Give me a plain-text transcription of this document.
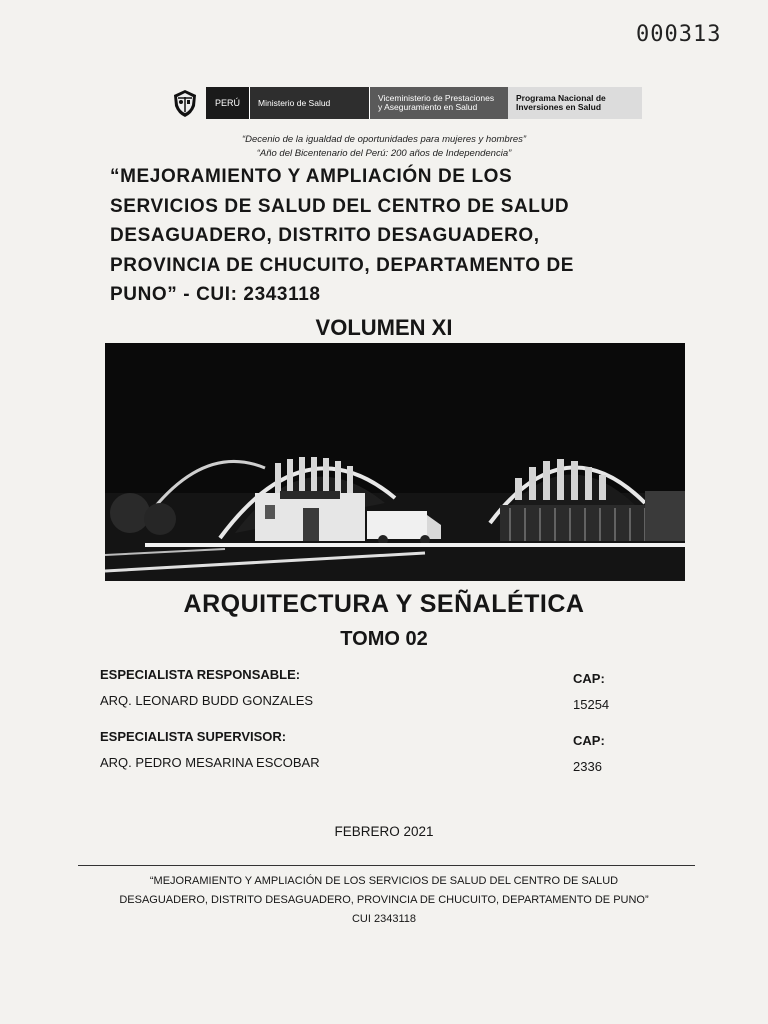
000313
PERÚ	Ministerio de Salud	Viceministerio de Prestaciones y Aseguramiento en Salud
Programa Nacional de Inversiones en Salud
“Decenio de la igualdad de oportunidades para mujeres y hombres”
“Año del Bicentenario del Perú: 200 años de Independencia”
“MEJORAMIENTO Y AMPLIACIÓN DE LOS
SERVICIOS DE SALUD DEL CENTRO DE SALUD
DESAGUADERO, DISTRITO DESAGUADERO,
PROVINCIA DE CHUCUITO, DEPARTAMENTO DE
PUNO” - CUI: 2343118
VOLUMEN XI
ARQUITECTURA Y SEÑALÉTICA
TOMO 02
ESPECIALISTA RESPONSABLE:	CAP:
ARQ. LEONARD BUDD GONZALES	15254
ESPECIALISTA SUPERVISOR:	CAP:
ARQ. PEDRO MESARINA ESCOBAR	2336
FEBRERO 2021
“MEJORAMIENTO Y AMPLIACIÓN DE LOS SERVICIOS DE SALUD DEL CENTRO DE SALUD
DESAGUADERO, DISTRITO DESAGUADERO, PROVINCIA DE CHUCUITO, DEPARTAMENTO DE PUNO”
CUI 2343118
